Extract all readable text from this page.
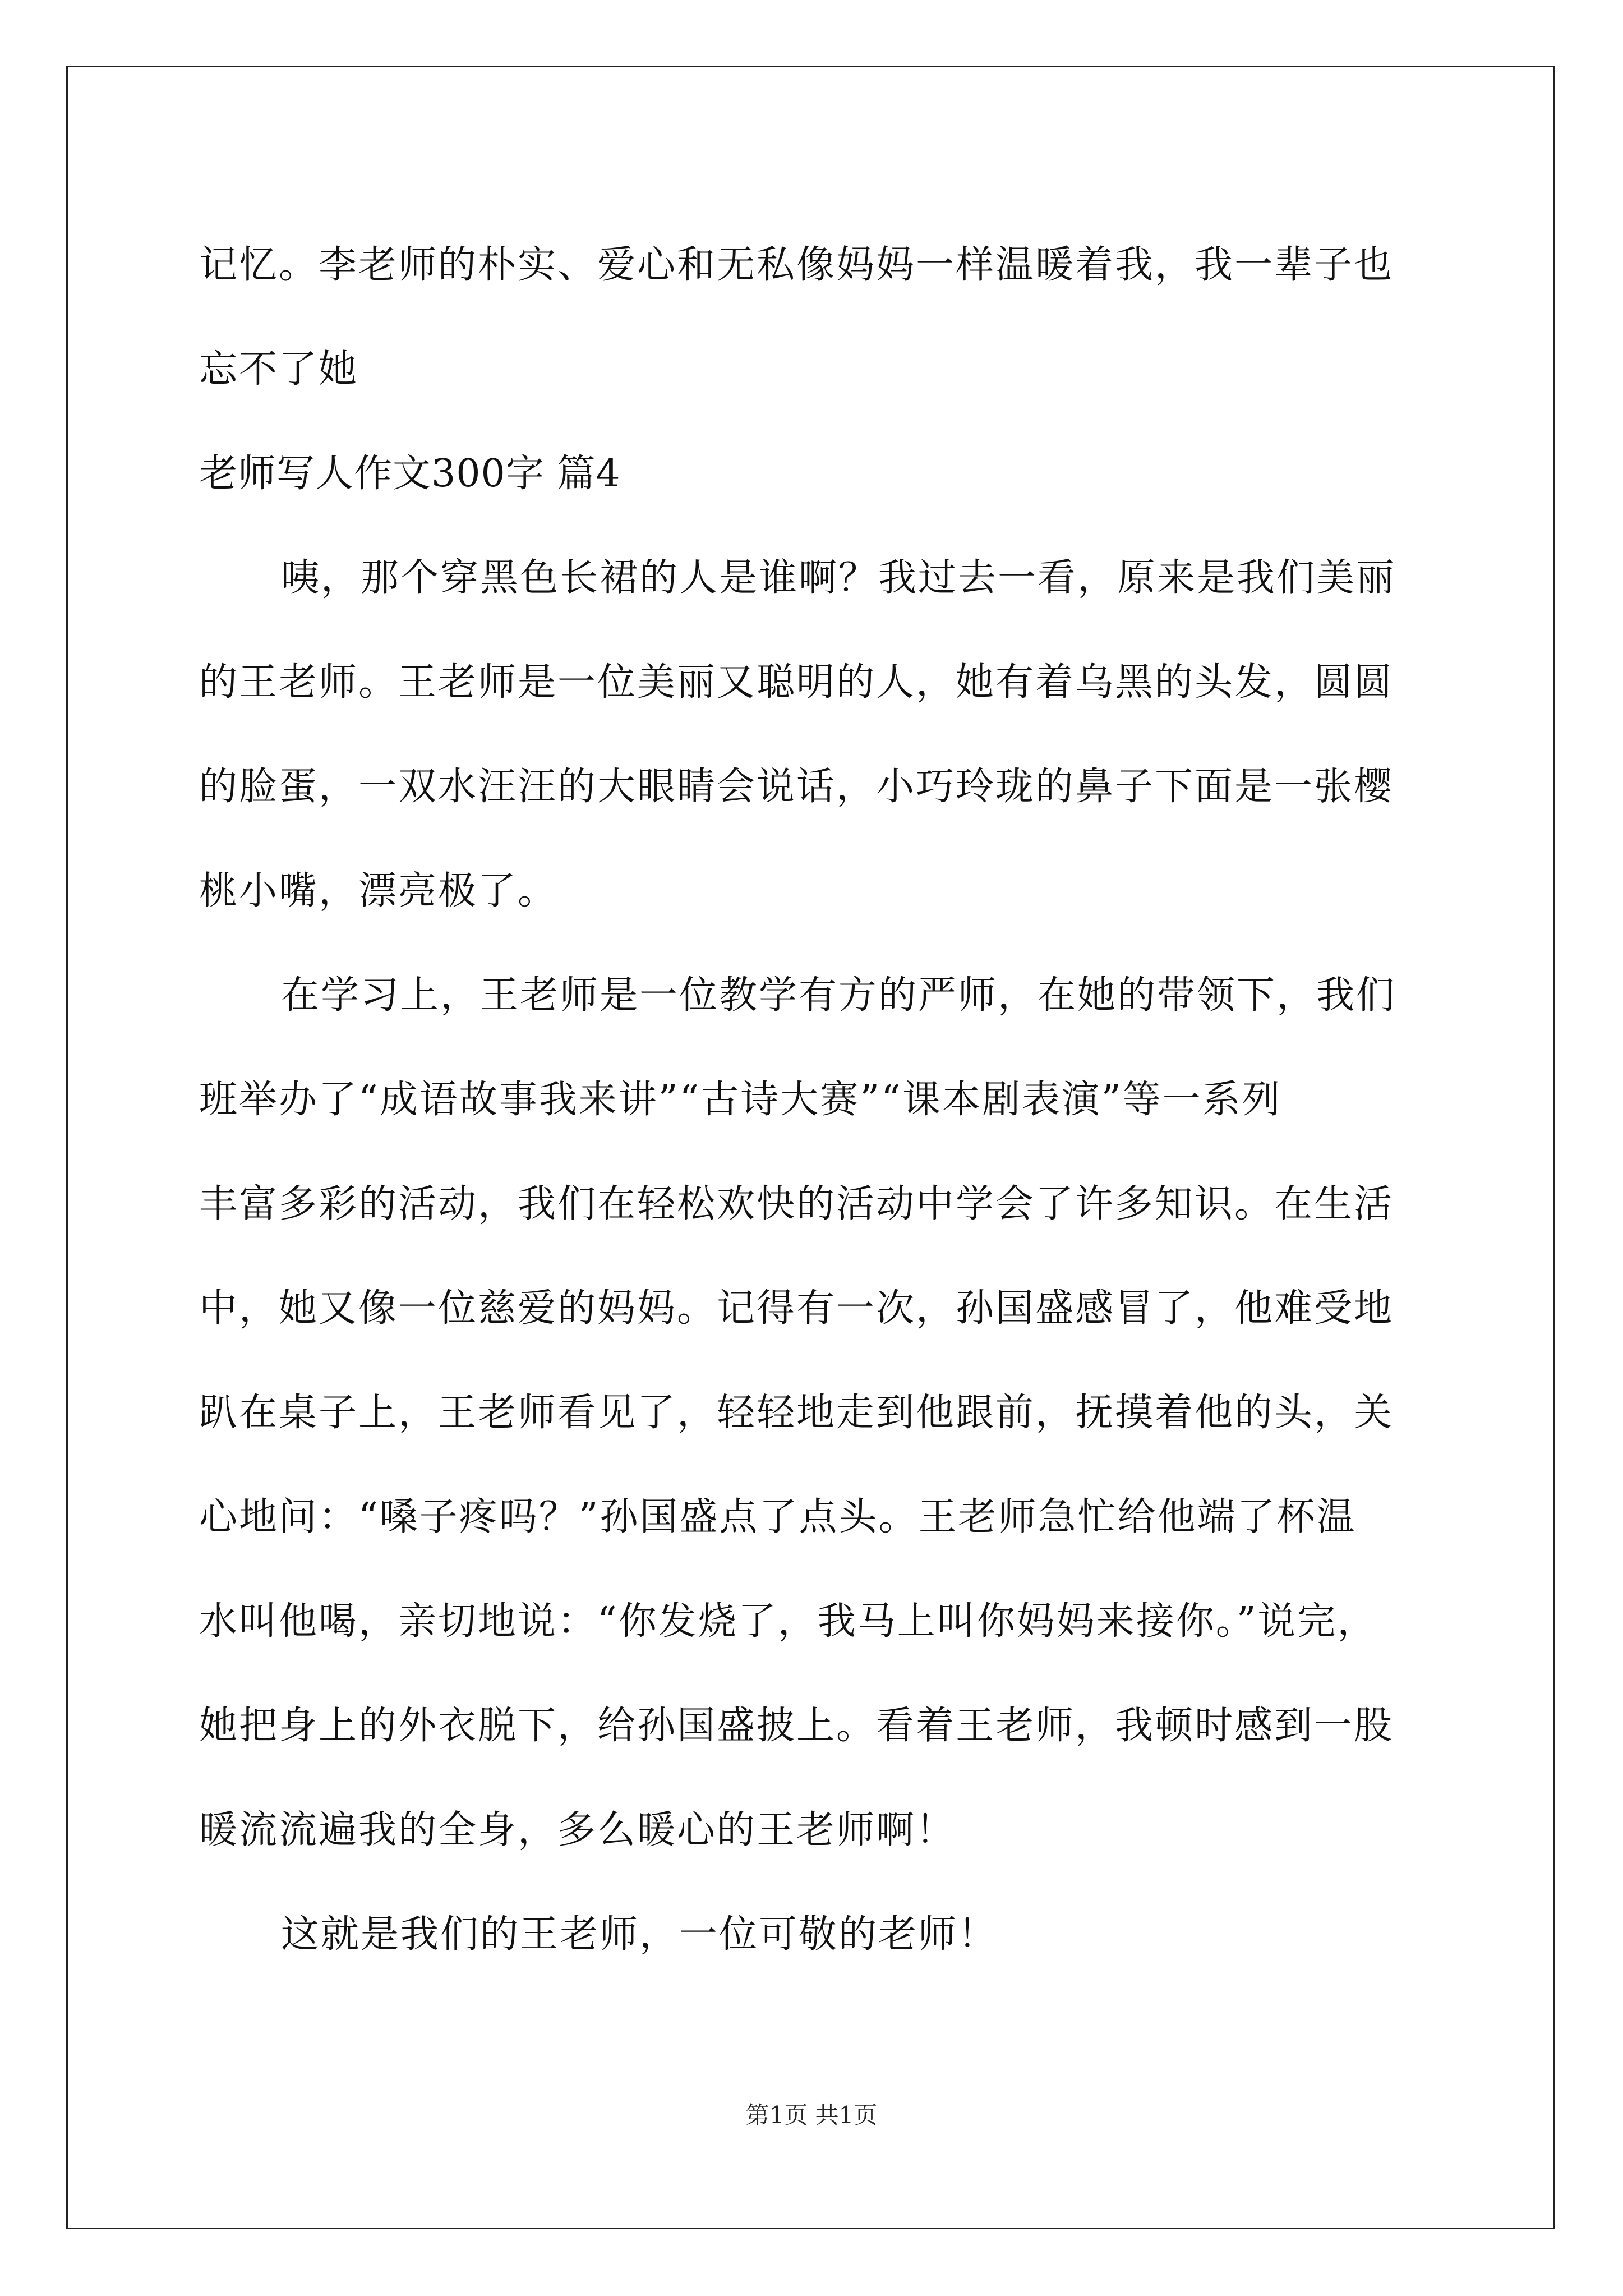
记忆。李老师的朴实、爱心和无私像妈妈一样温暖着我，我一辈子也
忘不了她
老师写人作文300字 篇4
咦，那个穿黑色长裙的人是谁啊？我过去一看，原来是我们美丽
的王老师。王老师是一位美丽又聪明的人，她有着乌黑的头发，圆圆
的脸蛋，一双水汪汪的大眼睛会说话，小巧玲珑的鼻子下面是一张樱
桃小嘴，漂亮极了。
在学习上，王老师是一位教学有方的严师，在她的带领下，我们
班举办了“成语故事我来讲”“古诗大赛”“课本剧表演”等一系列
丰富多彩的活动，我们在轻松欢快的活动中学会了许多知识。在生活
中，她又像一位慈爱的妈妈。记得有一次，孙国盛感冒了，他难受地
趴在桌子上，王老师看见了，轻轻地走到他跟前，抚摸着他的头，关
心地问：“嗓子疼吗？”孙国盛点了点头。王老师急忙给他端了杯温
水叫他喝，亲切地说：“你发烧了，我马上叫你妈妈来接你。”说完，
她把身上的外衣脱下，给孙国盛披上。看着王老师，我顿时感到一股
暖流流遍我的全身，多么暖心的王老师啊！
这就是我们的王老师，一位可敬的老师！
第1页 共1页
